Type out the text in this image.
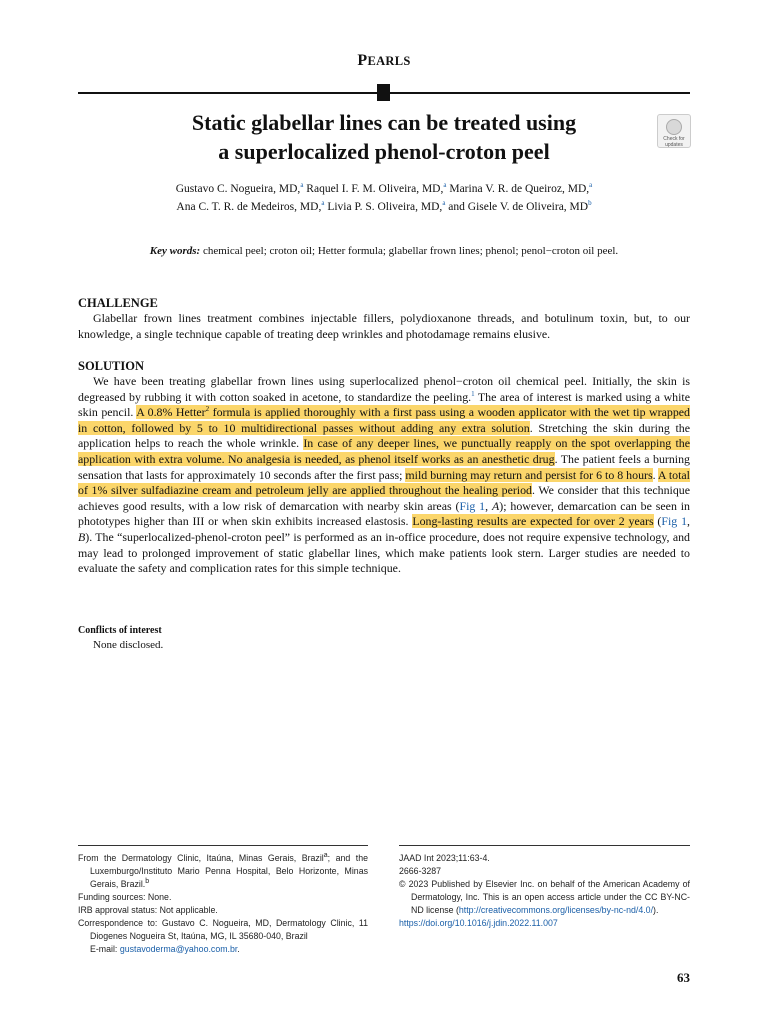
PEARLS
Static glabellar lines can be treated using
a superlocalized phenol-croton peel	Check for updates
Gustavo C. Nogueira, MD,$^a$ Raquel I. F. M. Oliveira, MD,$^a$ Marina V. R. de Queiroz, MD,$^a$
Ana C. T. R. de Medeiros, MD,$^a$ Livia P. S. Oliveira, MD,$^a$ and Gisele V. de Oliveira, $MD^b$
Key words: chemical peel; croton oil; Hetter formula; glabellar frown lines; phenol; penol−croton oil peel.
CHALLENGE

Glabellar frown lines treatment combines injectable fillers, polydioxanone threads, and botulinum toxin, but, to our knowledge, a single technique capable of treating deep wrinkles and photodamage remains elusive.

SOLUTION

We have been treating glabellar frown lines using superlocalized phenol−croton oil chemical peel. Initially, the skin is degreased by rubbing it with cotton soaked in acetone, to standardize the peeling.$^1$ The area of interest is marked using a white skin pencil. A 0.8% Hetter$^2$ formula is applied thoroughly with a first pass using a wooden applicator with the wet tip wrapped in cotton, followed by 5 to 10 multidirectional passes without adding any extra solution. Stretching the skin during the application helps to reach the whole wrinkle. In case of any deeper lines, we punctually reapply on the spot overlapping the application with extra volume. No analgesia is needed, as phenol itself works as an anesthetic drug. The patient feels a burning sensation that lasts for approximately 10 seconds after the first pass; mild burning may return and persist for 6 to 8 hours. A total of 1% silver sulfadiazine cream and petroleum jelly are applied throughout the healing period. We consider that this technique achieves good results, with a low risk of demarcation with nearby skin areas (Fig 1, A); however, demarcation can be seen in phototypes higher than III or when skin exhibits increased elastosis. Long-lasting results are expected for over 2 years (Fig 1, B). The “superlocalized-phenol-croton peel” is performed as an in-office procedure, does not require expensive technology, and may lead to prolonged improvement of static glabellar lines, which make patients look stern. Larger studies are needed to evaluate the safety and complication rates for this simple technique.

Conflicts of interest
None disclosed.
From the Dermatology Clinic, Itaúna, Minas Gerais, Brazil$^a$; and the Luxemburgo/Instituto Mario Penna Hospital, Belo Horizonte, Minas Gerais, Brazil.$^b$
Funding sources: None.
IRB approval status: Not applicable.
Correspondence to: Gustavo C. Nogueira, MD, Dermatology Clinic, 11 Diogenes Nogueira St, Itaúna, MG, IL 35680-040, Brazil
E-mail: gustavoderma@yahoo.com.br.
JAAD Int 2023;11:63-4.
2666-3287
© 2023 Published by Elsevier Inc. on behalf of the American Academy of Dermatology, Inc. This is an open access article under the CC BY-NC-ND license (http://creativecommons.org/licenses/by-nc-nd/4.0/).
https://doi.org/10.1016/j.jdin.2022.11.007
63
